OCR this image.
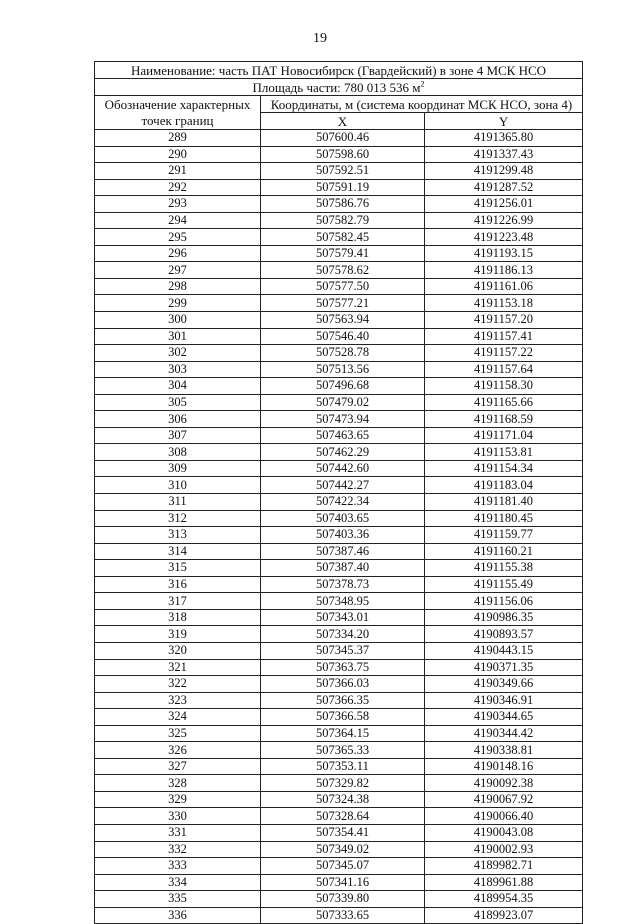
19
Наименование: часть ПАТ Новосибирск (Гвардейский) в зоне 4 МСК НСО		
Площадь части: 780 013 536 $м^2$
Обозначение характерных
точек границ	Координаты, м (система координат МСК НСО, зона 4)	
	X	Y
289	507600.46	4191365.80
290	507598.60	4191337.43
291	507592.51	4191299.48
292	507591.19	4191287.52
293	507586.76	4191256.01
294	507582.79	4191226.99
295	507582.45	4191223.48
296	507579.41	4191193.15
297	507578.62	4191186.13
298	507577.50	4191161.06
299	507577.21	4191153.18
300	507563.94	4191157.20
301	507546.40	4191157.41
302	507528.78	4191157.22
303	507513.56	4191157.64
304	507496.68	4191158.30
305	507479.02	4191165.66
306	507473.94	4191168.59
307	507463.65	4191171.04
308	507462.29	4191153.81
309	507442.60	4191154.34
310	507442.27	4191183.04
311	507422.34	4191181.40
312	507403.65	4191180.45
313	507403.36	4191159.77
314	507387.46	4191160.21
315	507387.40	4191155.38
316	507378.73	4191155.49
317	507348.95	4191156.06
318	507343.01	4190986.35
319	507334.20	4190893.57
320	507345.37	4190443.15
321	507363.75	4190371.35
322	507366.03	4190349.66
323	507366.35	4190346.91
324	507366.58	4190344.65
325	507364.15	4190344.42
326	507365.33	4190338.81
327	507353.11	4190148.16
328	507329.82	4190092.38
329	507324.38	4190067.92
330	507328.64	4190066.40
331	507354.41	4190043.08
332	507349.02	4190002.93
333	507345.07	4189982.71
334	507341.16	4189961.88
335	507339.80	4189954.35
336	507333.65	4189923.07
